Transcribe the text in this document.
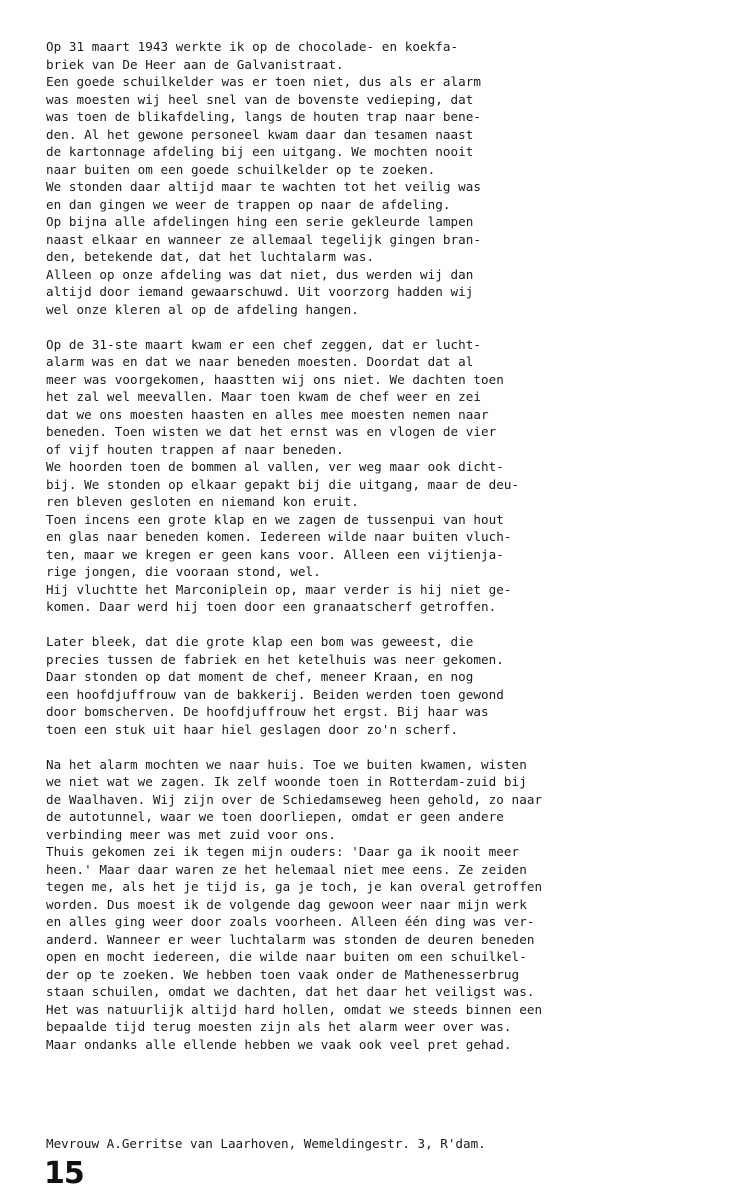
Op 31 maart 1943 werkte ik op de chocolade- en koekfa-
briek van De Heer aan de Galvanistraat.
Een goede schuilkelder was er toen niet, dus als er alarm
was moesten wij heel snel van de bovenste vedieping, dat
was toen de blikafdeling, langs de houten trap naar bene-
den. Al het gewone personeel kwam daar dan tesamen naast
de kartonnage afdeling bij een uitgang. We mochten nooit
naar buiten om een goede schuilkelder op te zoeken.
We stonden daar altijd maar te wachten tot het veilig was
en dan gingen we weer de trappen op naar de afdeling.
Op bijna alle afdelingen hing een serie gekleurde lampen
naast elkaar en wanneer ze allemaal tegelijk gingen bran-
den, betekende dat, dat het luchtalarm was.
Alleen op onze afdeling was dat niet, dus werden wij dan
altijd door iemand gewaarschuwd. Uit voorzorg hadden wij
wel onze kleren al op de afdeling hangen.
Op de 31-ste maart kwam er een chef zeggen, dat er lucht-
alarm was en dat we naar beneden moesten. Doordat dat al
meer was voorgekomen, haastten wij ons niet. We dachten toen
het zal wel meevallen. Maar toen kwam de chef weer en zei
dat we ons moesten haasten en alles mee moesten nemen naar
beneden. Toen wisten we dat het ernst was en vlogen de vier
of vijf houten trappen af naar beneden.
We hoorden toen de bommen al vallen, ver weg maar ook dicht-
bij. We stonden op elkaar gepakt bij die uitgang, maar de deu-
ren bleven gesloten en niemand kon eruit.
Toen incens een grote klap en we zagen de tussenpui van hout
en glas naar beneden komen. Iedereen wilde naar buiten vluch-
ten, maar we kregen er geen kans voor. Alleen een vijtienja-
rige jongen, die vooraan stond, wel.
Hij vluchtte het Marconiplein op, maar verder is hij niet ge-
komen. Daar werd hij toen door een granaatscherf getroffen.
Later bleek, dat die grote klap een bom was geweest, die
precies tussen de fabriek en het ketelhuis was neer gekomen.
Daar stonden op dat moment de chef, meneer Kraan, en nog
een hoofdjuffrouw van de bakkerij. Beiden werden toen gewond
door bomscherven. De hoofdjuffrouw het ergst. Bij haar was
toen een stuk uit haar hiel geslagen door zo'n scherf.
Na het alarm mochten we naar huis. Toe we buiten kwamen, wisten
we niet wat we zagen. Ik zelf woonde toen in Rotterdam-zuid bij
de Waalhaven. Wij zijn over de Schiedamseweg heen gehold, zo naar
de autotunnel, waar we toen doorliepen, omdat er geen andere
verbinding meer was met zuid voor ons.
Thuis gekomen zei ik tegen mijn ouders: 'Daar ga ik nooit meer
heen.' Maar daar waren ze het helemaal niet mee eens. Ze zeiden
tegen me, als het je tijd is, ga je toch, je kan overal getroffen
worden. Dus moest ik de volgende dag gewoon weer naar mijn werk
en alles ging weer door zoals voorheen. Alleen één ding was ver-
anderd. Wanneer er weer luchtalarm was stonden de deuren beneden
open en mocht iedereen, die wilde naar buiten om een schuilkel-
der op te zoeken. We hebben toen vaak onder de Mathenesserbrug
staan schuilen, omdat we dachten, dat het daar het veiligst was.
Het was natuurlijk altijd hard hollen, omdat we steeds binnen een
bepaalde tijd terug moesten zijn als het alarm weer over was.
Maar ondanks alle ellende hebben we vaak ook veel pret gehad.
Mevrouw A.Gerritse van Laarhoven, Wemeldingestr. 3, R'dam.
15
